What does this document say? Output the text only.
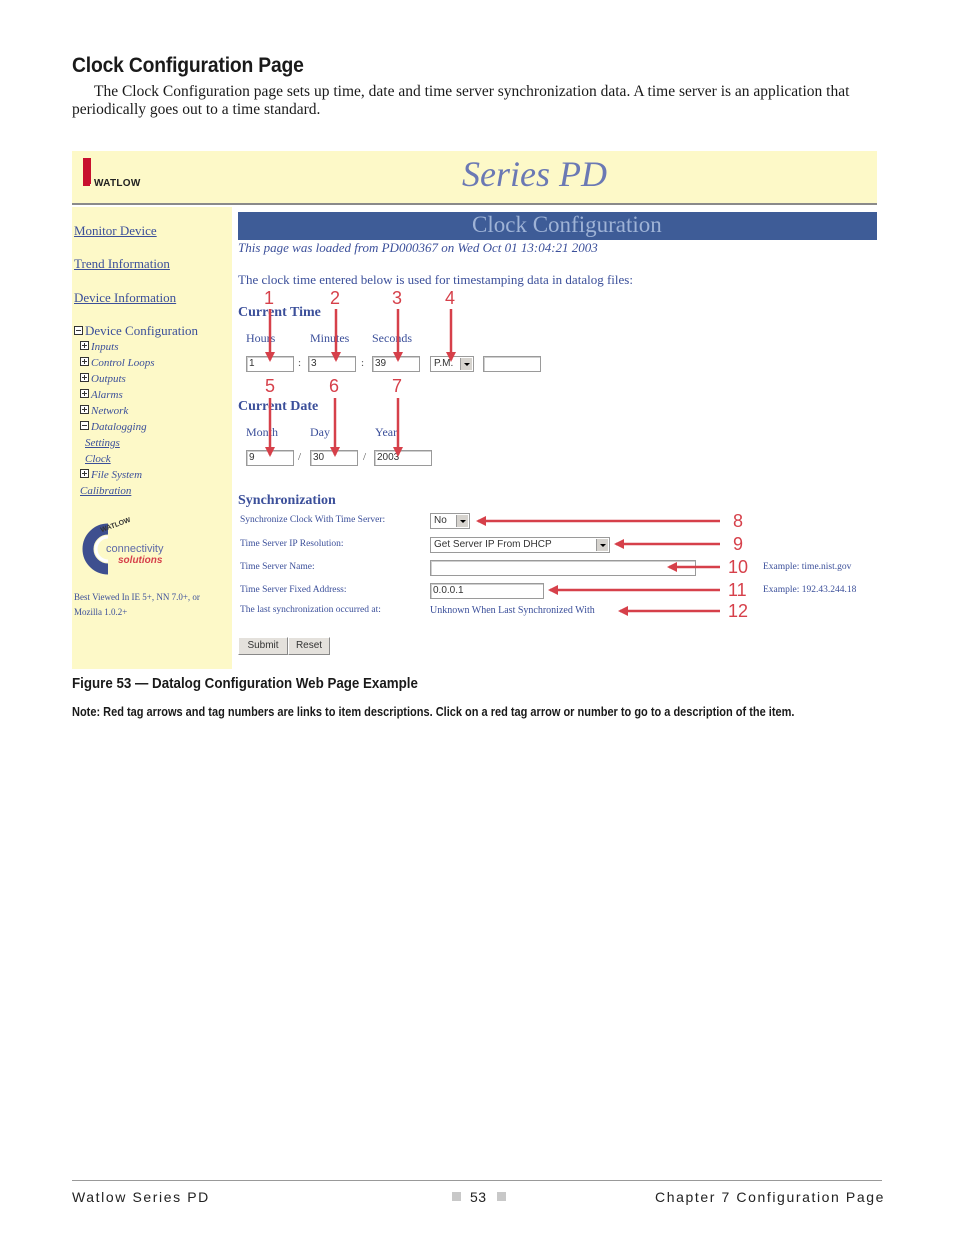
Clock Configuration Page
The Clock Configuration page sets up time, date and time server synchronization data. A time server is an application that periodically goes out to a time standard.
WATLOW	Series PD
Monitor Device
Trend Information
Device Information
Device Configuration
Inputs
Control Loops
Outputs
Alarms
Network
Datalogging
Settings
Clock
File System
Calibration
WATLOW
connectivity
solutions
Best Viewed In IE 5+, NN 7.0+, or Mozilla 1.0.2+
Clock Configuration
This page was loaded from PD000367 on Wed Oct 01 13:04:21 2003
The clock time entered below is used for timestamping data in datalog files:
Current Time
Hours	Minutes Seconds
1	: 3	:	39	P.M.
Current Date
Month	Day	Year
9	/	30	/	2003
Synchronization
Synchronize Clock With Time Server:	No
Time Server IP Resolution:	Get Server IP From DHCP
Time Server Name:	Example: time.nist.gov
Time Server Fixed Address:	0.0.0.1	Example: 192.43.244.18
The last synchronization occurred at:	Unknown When Last Synchronized With
Submit	Reset
1	2	3 4
5	6	7
8
9
10
11
12
Figure 53 — Datalog Configuration Web Page Example
Note: Red tag arrows and tag numbers are links to item descriptions. Click on a red tag arrow or number to go to a description of the item.
Watlow Series PD	53	Chapter 7 Configuration Page
